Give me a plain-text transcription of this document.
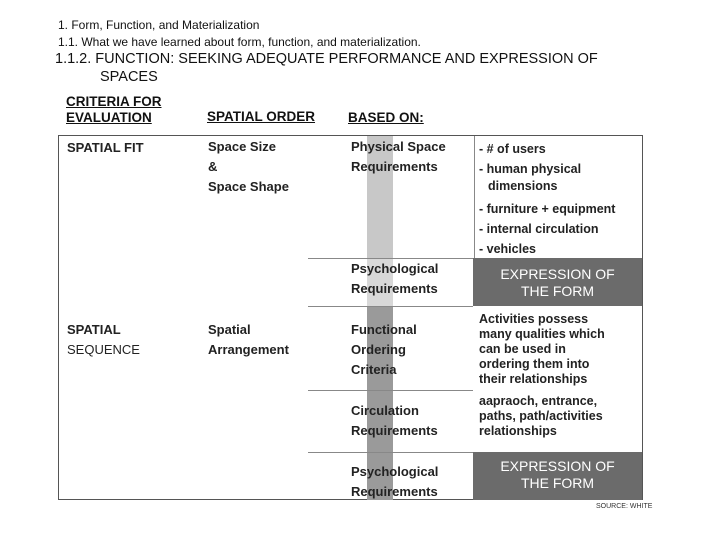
1. Form, Function, and Materialization
1.1. What we have learned about form, function, and materialization.
1.1.2. FUNCTION: SEEKING ADEQUATE PERFORMANCE AND EXPRESSION OF
SPACES
CRITERIA FOR
EVALUATION	SPATIAL ORDER BASED ON:
SPATIAL FIT
SPATIAL
SEQUENCE
Space Size
&
Space Shape
Spatial
Arrangement
Physical Space
Requirements
Psychological
Requirements
Functional
Ordering
Criteria
Circulation
Requirements
Psychological
Requirements
- # of users
- human physical
dimensions
- furniture + equipment
- internal circulation
- vehicles
EXPRESSION OF
THE FORM
Activities possess
many qualities which
can be used in
ordering them into
their relationships
aapraoch, entrance,
paths, path/activities
relationships
EXPRESSION OF
THE FORM
SOURCE: WHITE
